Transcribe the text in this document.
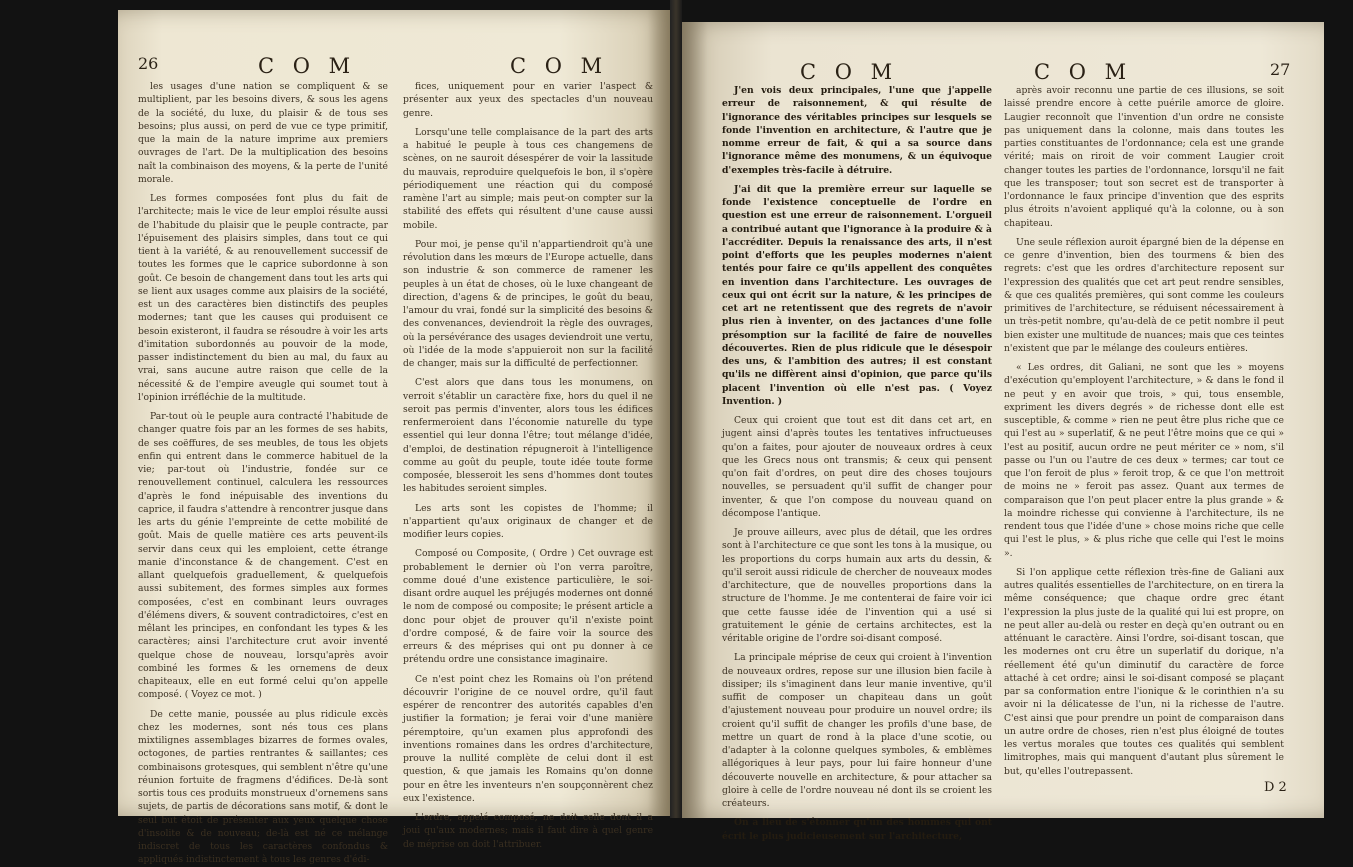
26	C O M	C O M

les usages d'une nation se compliquent & se multiplient, par les besoins divers, & sous les agens de la société, du luxe, du plaisir & de tous ses besoins; plus aussi, on perd de vue ce type primitif, que la main de la nature imprime aux premiers ouvrages de l'art. De la multiplication des besoins naît la combinaison des moyens, & la perte de l'unité morale.

Les formes composées font plus du fait de l'architecte; mais le vice de leur emploi résulte aussi de l'habitude du plaisir que le peuple contracte, par l'épuisement des plaisirs simples, dans tout ce qui tient à la variété, & au renouvellement successif de toutes les formes que le caprice subordonne à son goût. Ce besoin de changement dans tout les arts qui se lient aux usages comme aux plaisirs de la société, est un des caractères bien distinctifs des peuples modernes; tant que les causes qui produisent ce besoin existeront, il faudra se résoudre à voir les arts d'imitation subordonnés au pouvoir de la mode, passer indistinctement du bien au mal, du faux au vrai, sans aucune autre raison que celle de la nécessité & de l'empire aveugle qui soumet tout à l'opinion irréfléchie de la multitude.

Par-tout où le peuple aura contracté l'habitude de changer quatre fois par an les formes de ses habits, de ses coëffures, de ses meubles, de tous les objets enfin qui entrent dans le commerce habituel de la vie; par-tout où l'industrie, fondée sur ce renouvellement continuel, calculera les ressources d'après le fond inépuisable des inventions du caprice, il faudra s'attendre à rencontrer jusque dans les arts du génie l'empreinte de cette mobilité de goût. Mais de quelle matière ces arts peuvent-ils servir dans ceux qui les emploient, cette étrange manie d'inconstance & de changement. C'est en allant quelquefois graduellement, & quelquefois aussi subitement, des formes simples aux formes composées, c'est en combinant leurs ouvrages d'élémens divers, & souvent contradictoires, c'est en mêlant les principes, en confondant les types & les caractères; ainsi l'architecture crut avoir inventé quelque chose de nouveau, lorsqu'après avoir combiné les formes & les ornemens de deux chapiteaux, elle en eut formé celui qu'on appelle composé. ( Voyez ce mot. )

De cette manie, poussée au plus ridicule excès chez les modernes, sont nés tous ces plans mixtilignes assemblages bizarres de formes ovales, octogones, de parties rentrantes & saillantes; ces combinaisons grotesques, qui semblent n'être qu'une réunion fortuite de fragmens d'édifices. De-là sont sortis tous ces produits monstrueux d'ornemens sans sujets, de partis de décorations sans motif, & dont le seul but étoit de présenter aux yeux quelque chose d'insolite & de nouveau; de-là est né ce mélange indiscret de tous les caractères confondus & appliqués indistinctement à tous les genres d'édi-

fices, uniquement pour en varier l'aspect & présenter aux yeux des spectacles d'un nouveau genre.

Lorsqu'une telle complaisance de la part des arts a habitué le peuple à tous ces changemens de scènes, on ne sauroit désespérer de voir la lassitude du mauvais, reproduire quelquefois le bon, il s'opère périodiquement une réaction qui du composé ramène l'art au simple; mais peut-on compter sur la stabilité des effets qui résultent d'une cause aussi mobile.

Pour moi, je pense qu'il n'appartiendroit qu'à une révolution dans les mœurs de l'Europe actuelle, dans son industrie & son commerce de ramener les peuples à un état de choses, où le luxe changeant de direction, d'agens & de principes, le goût du beau, l'amour du vrai, fondé sur la simplicité des besoins & des convenances, deviendroit la règle des ouvrages, où la persévérance des usages deviendroit une vertu, où l'idée de la mode s'appuieroit non sur la facilité de changer, mais sur la difficulté de perfectionner.

C'est alors que dans tous les monumens, on verroit s'établir un caractère fixe, hors du quel il ne seroit pas permis d'inventer, alors tous les édifices renfermeroient dans l'économie naturelle du type essentiel qui leur donna l'être; tout mélange d'idée, d'emploi, de destination répugneroit à l'intelligence comme au goût du peuple, toute idée toute forme composée, blesseroit les sens d'hommes dont toutes les habitudes seroient simples.

Les arts sont les copistes de l'homme; il n'appartient qu'aux originaux de changer et de modifier leurs copies.

Composé ou Composite, ( Ordre ) Cet ouvrage est probablement le dernier où l'on verra paroître, comme doué d'une existence particulière, le soi-disant ordre auquel les préjugés modernes ont donné le nom de composé ou composite; le présent article a donc pour objet de prouver qu'il n'existe point d'ordre composé, & de faire voir la source des erreurs & des méprises qui ont pu donner à ce prétendu ordre une consistance imaginaire.

Ce n'est point chez les Romains où l'on prétend découvrir l'origine de ce nouvel ordre, qu'il faut espérer de rencontrer des autorités capables d'en justifier la formation; je ferai voir d'une manière péremptoire, qu'un examen plus approfondi des inventions romaines dans les ordres d'architecture, prouve la nullité complète de celui dont il est question, & que jamais les Romains qu'on donne pour en être les inventeurs n'en soupçonnèrent chez eux l'existence.

L'ordre, appelé composé, ne doit celle dont il a joui qu'aux modernes; mais il faut dire à quel genre de méprise on doit l'attribuer.

C O M	C O M	27

J'en vois deux principales, l'une que j'appelle erreur de raisonnement, & qui résulte de l'ignorance des véritables principes sur lesquels se fonde l'invention en architecture, & l'autre que je nomme erreur de fait, & qui a sa source dans l'ignorance même des monumens, & un équivoque d'exemples très-facile à détruire.

J'ai dit que la première erreur sur laquelle se fonde l'existence conceptuelle de l'ordre en question est une erreur de raisonnement. L'orgueil a contribué autant que l'ignorance à la produire & à l'accréditer. Depuis la renaissance des arts, il n'est point d'efforts que les peuples modernes n'aient tentés pour faire ce qu'ils appellent des conquêtes en invention dans l'architecture. Les ouvrages de ceux qui ont écrit sur la nature, & les principes de cet art ne retentissent que des regrets de n'avoir plus rien à inventer, on des jactances d'une folle présomption sur la facilité de faire de nouvelles découvertes. Rien de plus ridicule que le désespoir des uns, & l'ambition des autres; il est constant qu'ils ne diffèrent ainsi d'opinion, que parce qu'ils placent l'invention où elle n'est pas. ( Voyez Invention. )

Ceux qui croient que tout est dit dans cet art, en jugent ainsi d'après toutes les tentatives infructueuses qu'on a faites, pour ajouter de nouveaux ordres à ceux que les Grecs nous ont transmis; & ceux qui pensent qu'on fait d'ordres, on peut dire des choses toujours nouvelles, se persuadent qu'il suffit de changer pour inventer, & que l'on compose du nouveau quand on décompose l'antique.

Je prouve ailleurs, avec plus de détail, que les ordres sont à l'architecture ce que sont les tons à la musique, ou les proportions du corps humain aux arts du dessin, & qu'il seroit aussi ridicule de chercher de nouveaux modes d'architecture, que de nouvelles proportions dans la structure de l'homme. Je me contenterai de faire voir ici que cette fausse idée de l'invention qui a usé si gratuitement le génie de certains architectes, est la véritable origine de l'ordre soi-disant composé.

La principale méprise de ceux qui croient à l'invention de nouveaux ordres, repose sur une illusion bien facile à dissiper; ils s'imaginent dans leur manie inventive, qu'il suffit de composer un chapiteau dans un goût d'ajustement nouveau pour produire un nouvel ordre; ils croient qu'il suffit de changer les profils d'une base, de mettre un quart de rond à la place d'une scotie, ou d'adapter à la colonne quelques symboles, & emblèmes allégoriques à leur pays, pour lui faire honneur d'une découverte nouvelle en architecture, & pour attacher sa gloire à celle de l'ordre nouveau né dont ils se croient les créateurs.

On a lieu de s'étonner qu'un des hommes qui ont écrit le plus judicieusement sur l'architecture,

après avoir reconnu une partie de ces illusions, se soit laissé prendre encore à cette puérile amorce de gloire. Laugier reconnoît que l'invention d'un ordre ne consiste pas uniquement dans la colonne, mais dans toutes les parties constituantes de l'ordonnance; cela est une grande vérité; mais on riroit de voir comment Laugier croit changer toutes les parties de l'ordonnance, lorsqu'il ne fait que les transposer; tout son secret est de transporter à l'ordonnance le faux principe d'invention que des esprits plus étroits n'avoient appliqué qu'à la colonne, ou à son chapiteau.

Une seule réflexion auroit épargné bien de la dépense en ce genre d'invention, bien des tourmens & bien des regrets: c'est que les ordres d'architecture reposent sur l'expression des qualités que cet art peut rendre sensibles, & que ces qualités premières, qui sont comme les couleurs primitives de l'architecture, se réduisent nécessairement à un très-petit nombre, qu'au-delà de ce petit nombre il peut bien exister une multitude de nuances; mais que ces teintes n'existent que par le mélange des couleurs entières.

« Les ordres, dit Galiani, ne sont que les » moyens d'exécution qu'employent l'architecture, » & dans le fond il ne peut y en avoir que trois, » qui, tous ensemble, expriment les divers degrés » de richesse dont elle est susceptible, & comme » rien ne peut être plus riche que ce qui l'est au » superlatif, & ne peut l'être moins que ce qui » l'est au positif, aucun ordre ne peut mériter ce » nom, s'il passe ou l'un ou l'autre de ces deux » termes; car tout ce que l'on feroit de plus » feroit trop, & ce que l'on mettroit de moins ne » feroit pas assez. Quant aux termes de comparaison que l'on peut placer entre la plus grande » & la moindre richesse qui convienne à l'architecture, ils ne rendent tous que l'idée d'une » chose moins riche que celle qui l'est le plus, » & plus riche que celle qui l'est le moins ».

Si l'on applique cette réflexion très-fine de Galiani aux autres qualités essentielles de l'architecture, on en tirera la même conséquence; que chaque ordre grec étant l'expression la plus juste de la qualité qui lui est propre, on ne peut aller au-delà ou rester en deçà qu'en outrant ou en atténuant le caractère. Ainsi l'ordre, soi-disant toscan, que les modernes ont cru être un superlatif du dorique, n'a réellement été qu'un diminutif du caractère de force attaché à cet ordre; ainsi le soi-disant composé se plaçant par sa conformation entre l'ionique & le corinthien n'a su avoir ni la délicatesse de l'un, ni la richesse de l'autre. C'est ainsi que pour prendre un point de comparaison dans un autre ordre de choses, rien n'est plus éloigné de toutes les vertus morales que toutes ces qualités qui semblent limitrophes, mais qui manquent d'autant plus sûrement le but, qu'elles l'outrepassent.

D 2
